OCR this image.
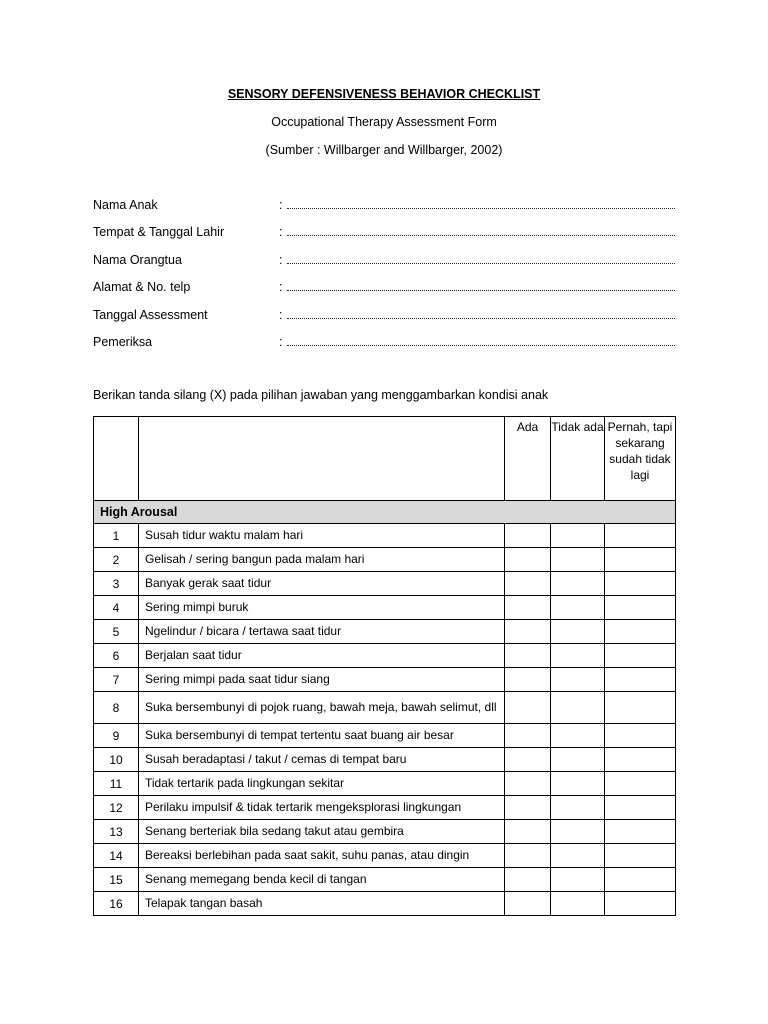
SENSORY DEFENSIVENESS BEHAVIOR CHECKLIST
Occupational Therapy Assessment Form
(Sumber : Willbarger and Willbarger, 2002)
Nama Anak	:
Tempat & Tanggal Lahir	:
Nama Orangtua	:
Alamat & No. telp	:
Tanggal Assessment	:
Pemeriksa	:
Berikan tanda silang (X) pada pilihan jawaban yang menggambarkan kondisi anak
		Ada	Tidak ada	Pernah, tapi sekarang sudah tidak lagi
High Arousal				
1	Susah tidur waktu malam hari			
2	Gelisah / sering bangun pada malam hari			
3	Banyak gerak saat tidur			
4	Sering mimpi buruk			
5	Ngelindur / bicara / tertawa saat tidur			
6	Berjalan saat tidur			
7	Sering mimpi pada saat tidur siang			
8	Suka bersembunyi di pojok ruang, bawah meja, bawah selimut, dll			
9	Suka bersembunyi di tempat tertentu saat buang air besar			
10	Susah beradaptasi / takut / cemas di tempat baru			
11	Tidak tertarik pada lingkungan sekitar			
12	Perilaku impulsif & tidak tertarik mengeksplorasi lingkungan			
13	Senang berteriak bila sedang takut atau gembira			
14	Bereaksi berlebihan pada saat sakit, suhu panas, atau dingin			
15	Senang memegang benda kecil di tangan			
16	Telapak tangan basah			
